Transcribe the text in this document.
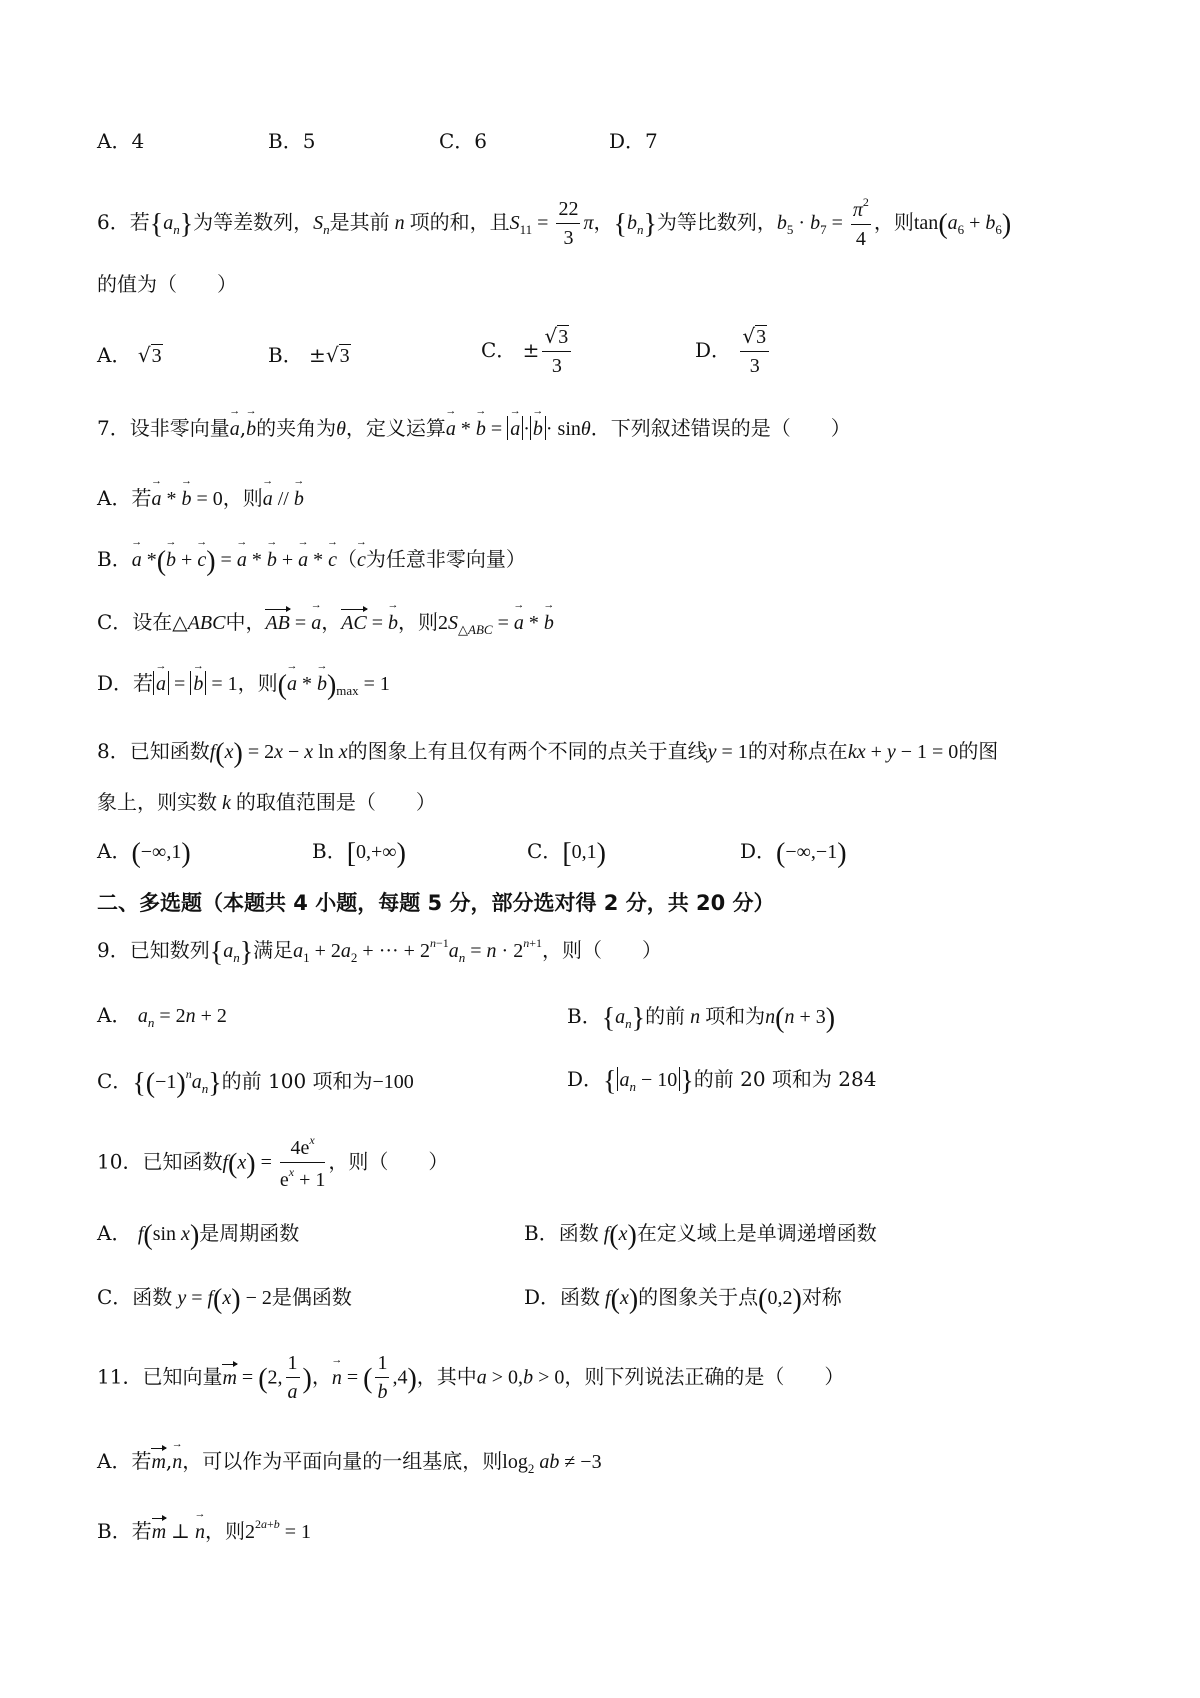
A．4	B．5	C．6	D．7
6．若$\{a_n\}$为等差数列，$S_n$是其前 n 项的和，且$S_{11} = \frac{22}{3}$ π，$\{b_n\}$为等比数列，$b_5 \cdot b_7 = \frac{\pi^2}{4}$ ，则$\tan(a_6 + b_6)$
的值为（　　）
A． √3	B． ±√3	C． ± $\frac{√3}{3}$	D． $\frac{√3}{3}$
7．设非零向量→ a,→ b的夹角为θ，定义运算→ a * → b = → a · → b · sinθ．下列叙述错误的是（　　）
A．若→ a * → b = 0，则→ a // → b
B．→ a *(→ b + → c) = → a * → b + → a * → c（→ c为任意非零向量）
C．设在△ABC中，AB = → a，AC = → b，则$2S_{\triangle ABC}$ = → a * → b
D．若 → a = → b = 1，则(→ a * → $b)_{max} = 1$
8．已知函数f(x) = 2x − x ln x的图象上有且仅有两个不同的点关于直线y = 1的对称点在kx + y − 1 = 0的图
象上，则实数 k 的取值范围是（　　）
A．(−∞,1)	B．[0,+∞)	C．[0,1)	D．(−∞,−1)
二、多选题（本题共 4 小题，每题 5 分，部分选对得 2 分，共 20 分）
9．已知数列$\{a_n\}$满足$a_1 + 2a_2$ + ··· + $2^{n-1}a_n = n \cdot 2^{n+1}$，则（　　）
A． $a_n = 2n + 2$	B．$\{a_n\}$的前 n 项和为n(n + 3)
C．$\{(-1)^na_n\}$的前 100 项和为−100	D．{ $a_n - 10$ }的前 20 项和为 284
10．已知函数$f(x) = \frac{4e^x}{e^x + 1}$ ，则（　　）
A． f(sin x)是周期函数	B．函数 f(x)在定义域上是单调递增函数
C．函数 y = f(x) − 2是偶函数	D．函数 f(x)的图象关于点(0,2)对称
11．已知向量m = (2, $\frac{1}{a}$ )，→ n = ( $\frac{1}{b} ,4$)，其中a > 0,b > 0，则下列说法正确的是（　　）
A．若m,→ n，可以作为平面向量的一组基底，则$\log_2$ ab ≠ −3
B．若m ⊥ → n，则$2^{2a+b} = 1$
